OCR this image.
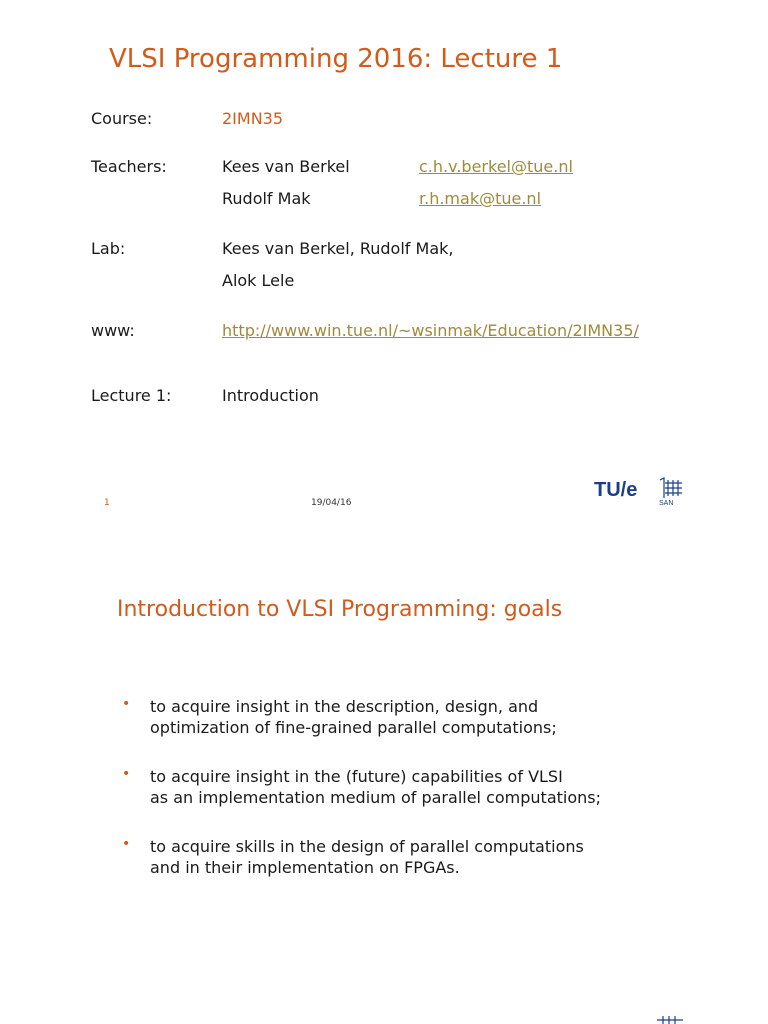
VLSI Programming 2016: Lecture 1
Course:	2IMN35
Teachers:	Kees van Berkel	c.h.v.berkel@tue.nl
Rudolf Mak	r.h.mak@tue.nl
Lab:	Kees van Berkel, Rudolf Mak,
Alok Lele
www:	http://www.win.tue.nl/~wsinmak/Education/2IMN35/
Lecture 1:	Introduction
1	19/04/16
TU/e
SAN
Introduction to VLSI Programming: goals
• to acquire insight in the description, design, and
optimization of fine-grained parallel computations;
• to acquire insight in the (future) capabilities of VLSI
as an implementation medium of parallel computations;
• to acquire skills in the design of parallel computations
and in their implementation on FPGAs.
